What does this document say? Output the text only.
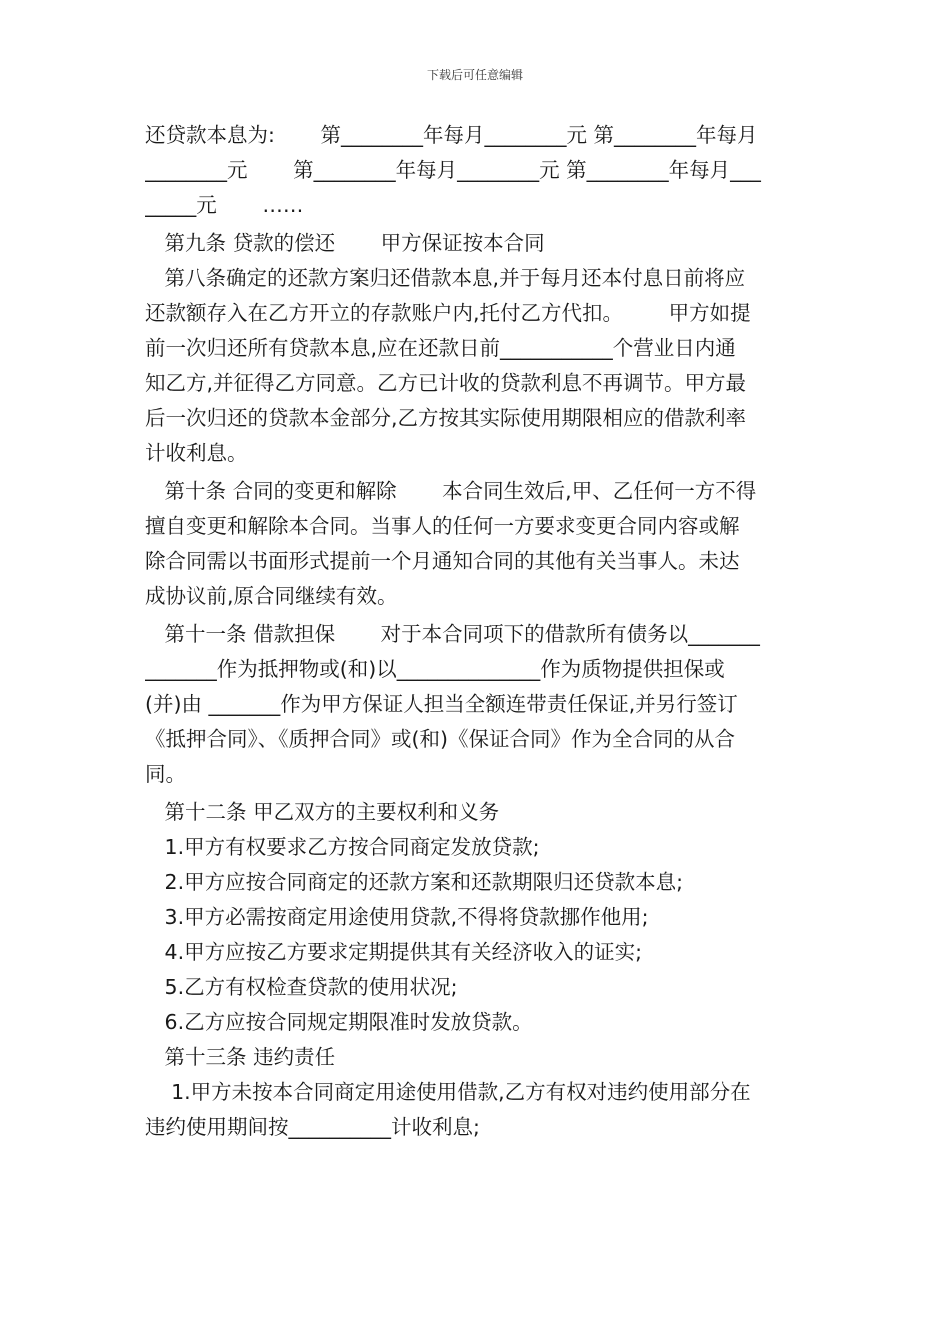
下载后可任意编辑
还贷款本息为:       第________年每月________元 第________年每月
________元       第________年每月________元 第________年每月___
_____元       ……
第九条 贷款的偿还       甲方保证按本合同
第八条确定的还款方案归还借款本息,并于每月还本付息日前将应
还款额存入在乙方开立的存款账户内,托付乙方代扣。       甲方如提
前一次归还所有贷款本息,应在还款日前___________个营业日内通
知乙方,并征得乙方同意。乙方已计收的贷款利息不再调节。甲方最
后一次归还的贷款本金部分,乙方按其实际使用期限相应的借款利率
计收利息。
第十条 合同的变更和解除       本合同生效后,甲、乙任何一方不得
擅自变更和解除本合同。当事人的任何一方要求变更合同内容或解
除合同需以书面形式提前一个月通知合同的其他有关当事人。未达
成协议前,原合同继续有效。
第十一条 借款担保       对于本合同项下的借款所有债务以_______
_______作为抵押物或(和)以______________作为质物提供担保或
(并)由 _______作为甲方保证人担当全额连带责任保证,并另行签订
《抵押合同》、《质押合同》或(和)《保证合同》作为全合同的从合
同。
第十二条 甲乙双方的主要权利和义务
1.甲方有权要求乙方按合同商定发放贷款;
2.甲方应按合同商定的还款方案和还款期限归还贷款本息;
3.甲方必需按商定用途使用贷款,不得将贷款挪作他用;
4.甲方应按乙方要求定期提供其有关经济收入的证实;
5.乙方有权检查贷款的使用状况;
6.乙方应按合同规定期限准时发放贷款。
第十三条 违约责任
1.甲方未按本合同商定用途使用借款,乙方有权对违约使用部分在
违约使用期间按__________计收利息;
